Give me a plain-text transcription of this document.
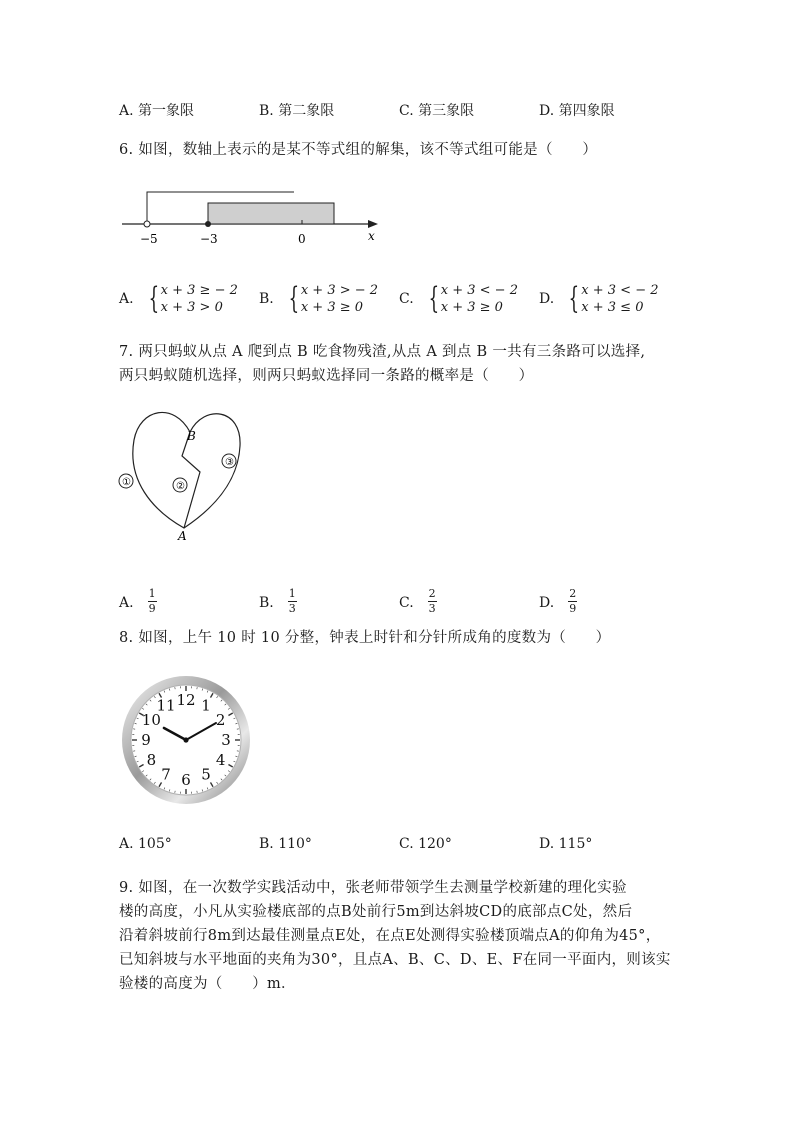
A. 第一象限	B. 第二象限	C. 第三象限	D. 第四象限
6. 如图，数轴上表示的是某不等式组的解集，该不等式组可能是（　　）
−5	−3	0	x
A. { x + 3 ≥ − 2
x + 3 > 0
B. { x + 3 > − 2
x + 3 ≥ 0
C. { x + 3 < − 2
x + 3 ≥ 0
D. { x + 3 < − 2
x + 3 ≤ 0
7. 两只蚂蚁从点 A 爬到点 B 吃食物残渣,从点 A 到点 B 一共有三条路可以选择,
两只蚂蚁随机选择，则两只蚂蚁选择同一条路的概率是（　　）
①	②
③
B
A
A. $\frac{1}{9}$	B. $\frac{1}{3}$	C. $\frac{2}{3}$	D. $\frac{2}{9}$
8. 如图，上午 10 时 10 分整，钟表上时针和分针所成角的度数为（　　）
12 1
2
3
4
5
6
7
8
9
10
11
A. 105°	B. 110°	C. 120°	D. 115°
9. 如图，在一次数学实践活动中，张老师带领学生去测量学校新建的理化实验
楼的高度，小凡从实验楼底部的点B处前行5m到达斜坡CD的底部点C处，然后
沿着斜坡前行8m到达最佳测量点E处，在点E处测得实验楼顶端点A的仰角为45°，
已知斜坡与水平地面的夹角为30°，且点A、B、C、D、E、F在同一平面内，则该实
验楼的高度为（　　）m．
